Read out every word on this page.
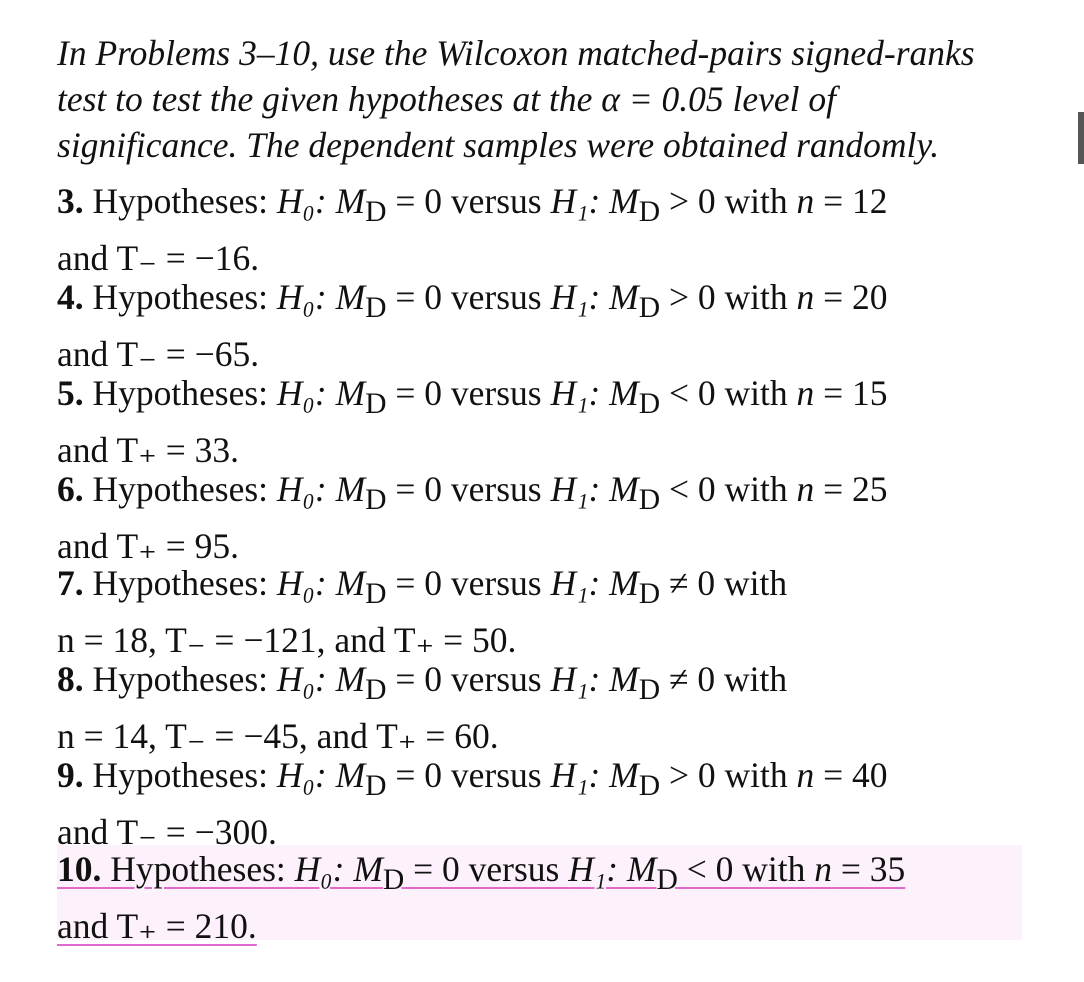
In Problems 3–10, use the Wilcoxon matched-pairs signed-ranks test to test the given hypotheses at the α = 0.05 level of significance. The dependent samples were obtained randomly.
3. Hypotheses: H₀: $M_D = 0$ versus H₁: $M_D > 0$ with n = 12
and T₋ = −16.
4. Hypotheses: H₀: $M_D = 0$ versus H₁: $M_D > 0$ with n = 20
and T₋ = −65.
5. Hypotheses: H₀: $M_D = 0$ versus H₁: $M_D < 0$ with n = 15
and T₊ = 33.
6. Hypotheses: H₀: $M_D = 0$ versus H₁: $M_D < 0$ with n = 25
and T₊ = 95.
7. Hypotheses: H₀: $M_D = 0$ versus H₁: $M_D \ne 0$ with
n = 18, T₋ = −121, and T₊ = 50.
8. Hypotheses: H₀: $M_D = 0$ versus H₁: $M_D \ne 0$ with
n = 14, T₋ = −45, and T₊ = 60.
9. Hypotheses: H₀: $M_D = 0$ versus H₁: $M_D > 0$ with n = 40
and T₋ = −300.
10. Hypotheses: H₀: $M_D = 0$ versus H₁: $M_D < 0$ with n = 35
and T₊ = 210.
